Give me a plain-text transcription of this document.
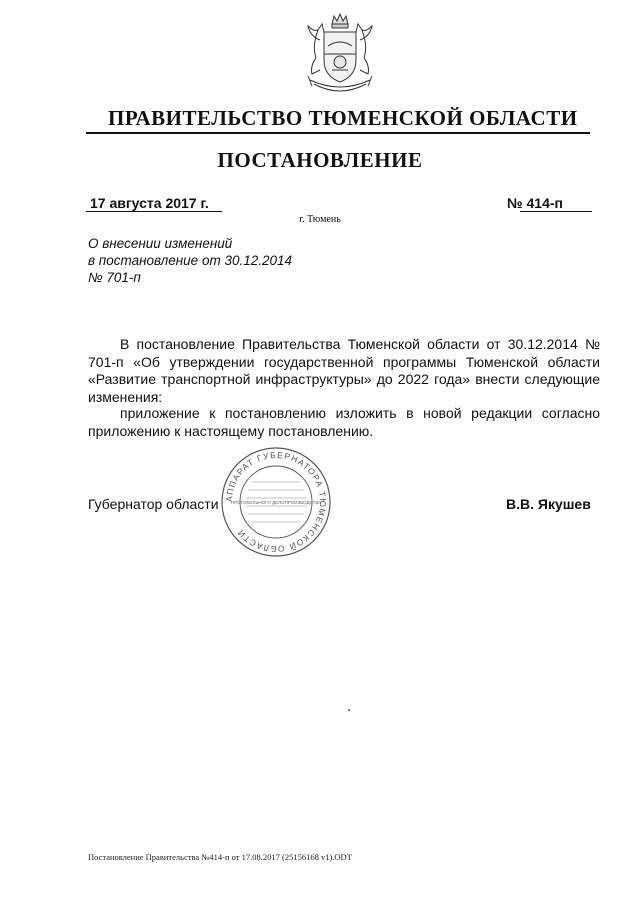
ПРАВИТЕЛЬСТВО ТЮМЕНСКОЙ ОБЛАСТИ
ПОСТАНОВЛЕНИЕ
17 августа 2017 г.	№ 414-п
г. Тюмень
О внесении изменений
в постановление от 30.12.2014
№ 701-п
В постановление Правительства Тюменской области от 30.12.2014 № 701-п «Об утверждении государственной программы Тюменской области «Развитие транспортной инфраструктуры» до 2022 года» внести следующие изменения:
приложение к постановлению изложить в новой редакции согласно приложению к настоящему постановлению.
АППАРАТ ГУБЕРНАТОРА ТЮМЕНСКОЙ ОБЛАСТИ
ПРОТОКОЛЬНОГО ДЕЛОПРОИЗВОДСТВА
Губернатор области	В.В. Якушев
Постановление Правительства №414-п от 17.08.2017 (25156168 v1).ODT
